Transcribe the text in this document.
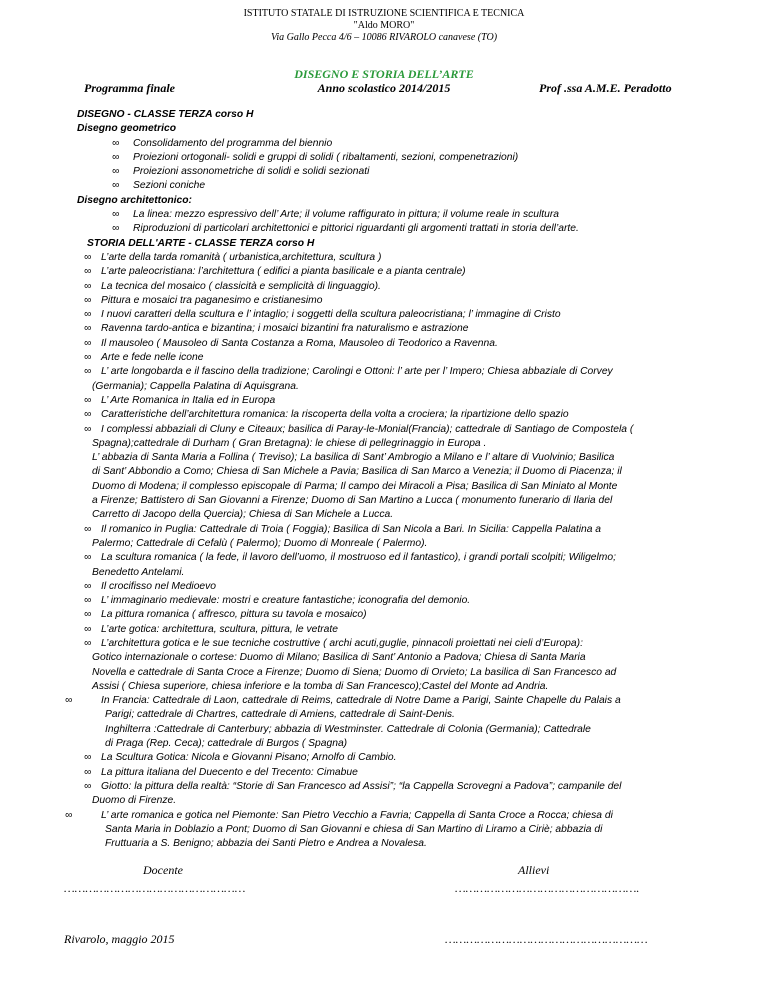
ISTITUTO STATALE DI ISTRUZIONE SCIENTIFICA E TECNICA
"Aldo MORO"
Via Gallo Pecca 4/6 – 10086 RIVAROLO canavese (TO)
DISEGNO E STORIA DELL’ARTE
Programma finale	Anno scolastico 2014/2015	Prof .ssa A.M.E. Peradotto
DISEGNO - CLASSE TERZA corso H
Disegno geometrico
∞ Consolidamento del programma del biennio
∞ Proiezioni ortogonali- solidi e gruppi di solidi ( ribaltamenti, sezioni, compenetrazioni)
∞ Proiezioni assonometriche di solidi e solidi sezionati
∞ Sezioni coniche
Disegno architettonico:
∞ La linea: mezzo espressivo dell’ Arte; il volume raffigurato in pittura; il volume reale in scultura
∞ Riproduzioni di particolari architettonici e pittorici riguardanti gli argomenti trattati in storia dell’arte.
STORIA DELL'ARTE - CLASSE TERZA corso H
∞ L’arte della tarda romanità ( urbanistica,architettura, scultura )
∞ L’arte paleocristiana: l’architettura ( edifici a pianta basilicale e a pianta centrale)
∞ La tecnica del mosaico ( classicità e semplicità di linguaggio).
∞ Pittura e mosaici tra paganesimo e cristianesimo
∞ I nuovi caratteri della scultura e l’ intaglio; i soggetti della scultura paleocristiana; l’ immagine di Cristo
∞ Ravenna tardo-antica e bizantina; i mosaici bizantini fra naturalismo e astrazione
∞ Il mausoleo ( Mausoleo di Santa Costanza a Roma, Mausoleo di Teodorico a Ravenna.
∞ Arte e fede nelle icone
∞ L’ arte longobarda e il fascino della tradizione; Carolingi e Ottoni: l’ arte per l’ Impero; Chiesa abbaziale di Corvey
(Germania); Cappella Palatina di Aquisgrana.
∞ L’ Arte Romanica in Italia ed in Europa
∞ Caratteristiche dell’architettura romanica: la riscoperta della volta a crociera; la ripartizione dello spazio
∞ I complessi abbaziali di Cluny e Citeaux; basilica di Paray-le-Monial(Francia); cattedrale di Santiago de Compostela (
Spagna);cattedrale di Durham ( Gran Bretagna): le chiese di pellegrinaggio in Europa .
L’ abbazia di Santa Maria a Follina ( Treviso); La basilica di Sant’ Ambrogio a Milano e l’ altare di Vuolvinio; Basilica
di Sant’ Abbondio a Como; Chiesa di San Michele a Pavia; Basilica di San Marco a Venezia; il Duomo di Piacenza; il
Duomo di Modena; il complesso episcopale di Parma; Il campo dei Miracoli a Pisa; Basilica di San Miniato al Monte
a Firenze; Battistero di San Giovanni a Firenze; Duomo di San Martino a Lucca ( monumento funerario di Ilaria del
Carretto di Jacopo della Quercia); Chiesa di San Michele a Lucca.
∞ Il romanico in Puglia: Cattedrale di Troia ( Foggia); Basilica di San Nicola a Bari. In Sicilia: Cappella Palatina a
Palermo; Cattedrale di Cefalù ( Palermo); Duomo di Monreale ( Palermo).
∞ La scultura romanica ( la fede, il lavoro dell’uomo, il mostruoso ed il fantastico), i grandi portali scolpiti; Wiligelmo;
Benedetto Antelami.
∞ Il crocifisso nel Medioevo
∞ L’ immaginario medievale: mostri e creature fantastiche; iconografia del demonio.
∞ La pittura romanica ( affresco, pittura su tavola e mosaico)
∞ L’arte gotica: architettura, scultura, pittura, le vetrate
∞ L’architettura gotica e le sue tecniche costruttive ( archi acuti,guglie, pinnacoli proiettati nei cieli d’Europa):
Gotico internazionale o cortese: Duomo di Milano; Basilica di Sant’ Antonio a Padova; Chiesa di Santa Maria
Novella e cattedrale di Santa Croce a Firenze; Duomo di Siena; Duomo di Orvieto; La basilica di San Francesco ad
Assisi ( Chiesa superiore, chiesa inferiore e la tomba di San Francesco);Castel del Monte ad Andria.
∞	In Francia: Cattedrale di Laon, cattedrale di Reims, cattedrale di Notre Dame a Parigi, Sainte Chapelle du Palais a
Parigi; cattedrale di Chartres, cattedrale di Amiens, cattedrale di Saint-Denis.
Inghilterra :Cattedrale di Canterbury; abbazia di Westminster. Cattedrale di Colonia (Germania); Cattedrale
di Praga (Rep. Ceca); cattedrale di Burgos ( Spagna)
∞ La Scultura Gotica: Nicola e Giovanni Pisano; Arnolfo di Cambio.
∞ La pittura italiana del Duecento e del Trecento: Cimabue
∞ Giotto: la pittura della realtà: “Storie di San Francesco ad Assisi”; “la Cappella Scrovegni a Padova”; campanile del
Duomo di Firenze.
∞	L’ arte romanica e gotica nel Piemonte: San Pietro Vecchio a Favria; Cappella di Santa Croce a Rocca; chiesa di
Santa Maria in Doblazio a Pont; Duomo di San Giovanni e chiesa di San Martino di Liramo a Ciriè; abbazia di
Fruttuaria a S. Benigno; abbazia dei Santi Pietro e Andrea a Novalesa.
Docente	Allievi
……………………………………………	…………………………………………….
Rivarolo, maggio 2015	…………………………………………………
